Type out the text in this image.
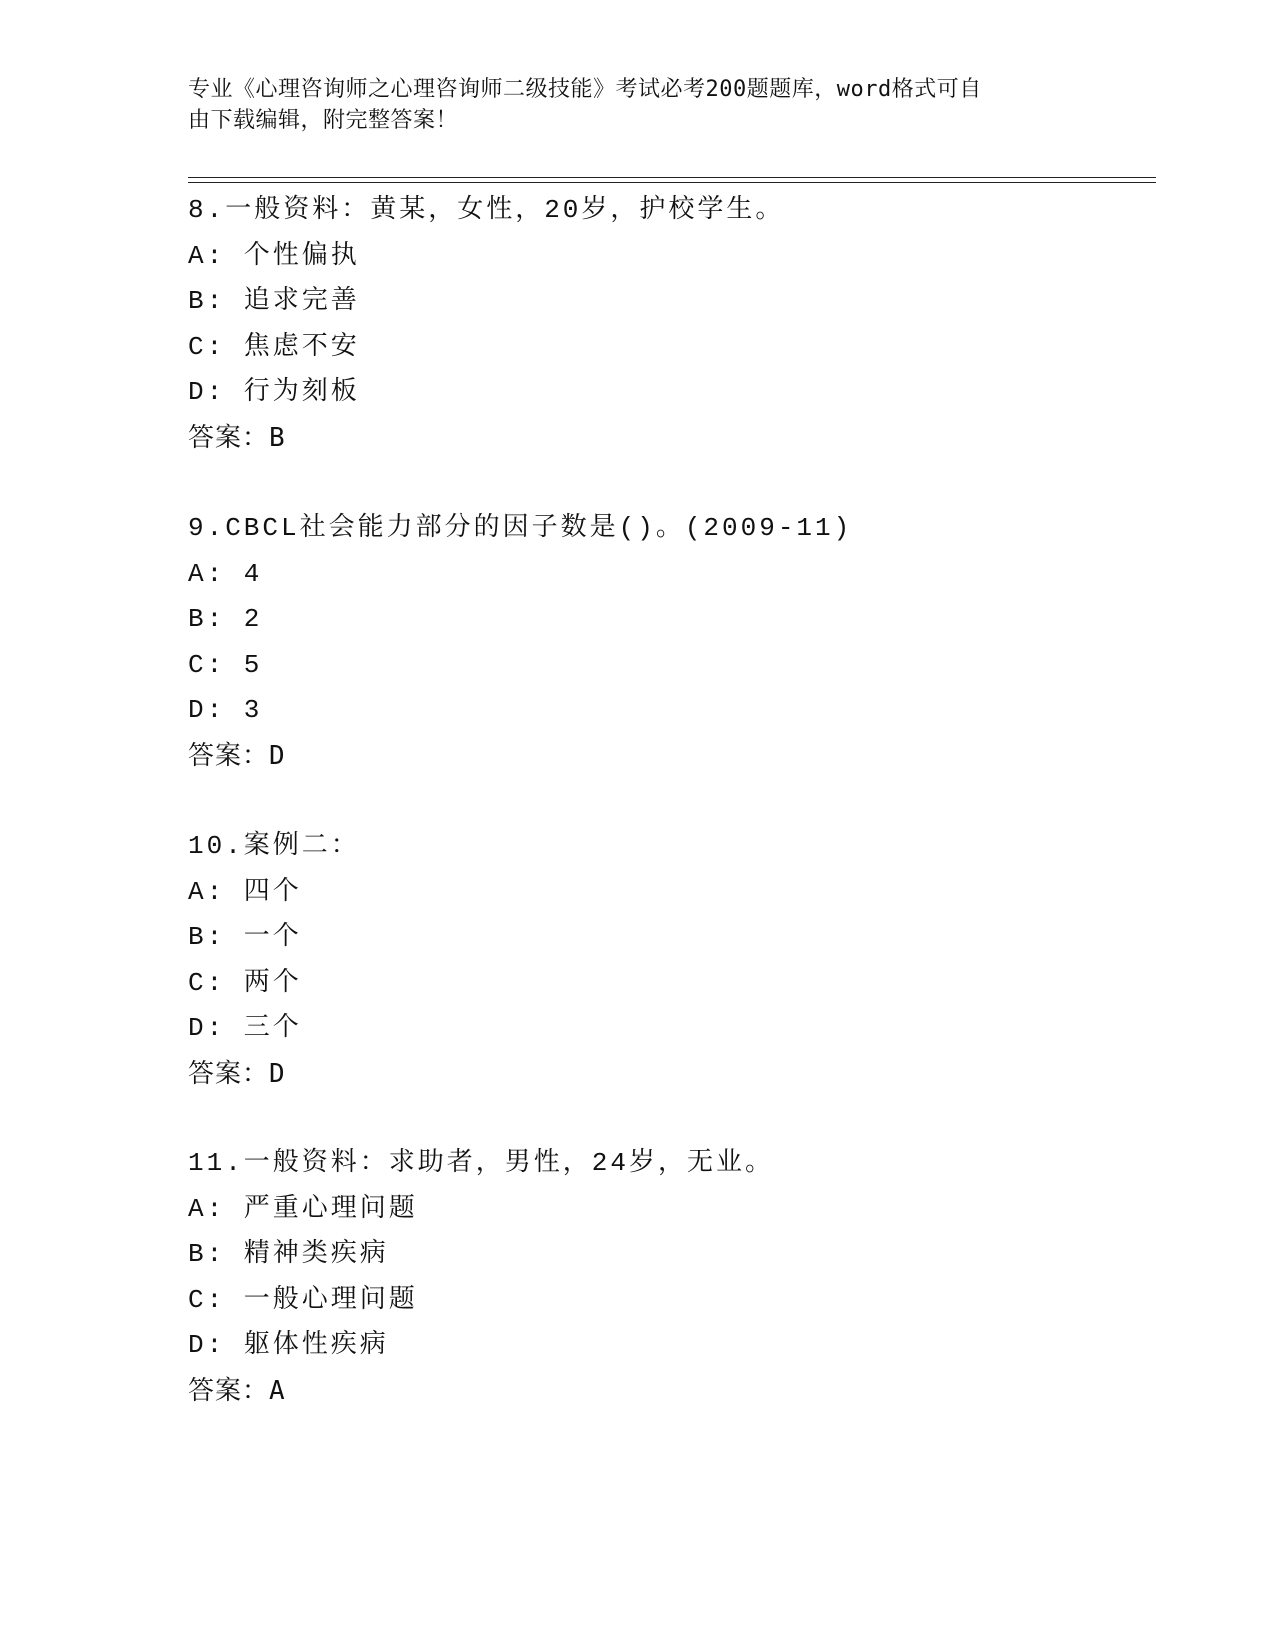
专业《心理咨询师之心理咨询师二级技能》考试必考200题题库，word格式可自
由下载编辑，附完整答案！
8.一般资料：黄某，女性，20岁，护校学生。
A: 个性偏执
B: 追求完善
C: 焦虑不安
D: 行为刻板
答案：B
9.CBCL社会能力部分的因子数是()。(2009-11)
A: 4
B: 2
C: 5
D: 3
答案：D
10.案例二：
A: 四个
B: 一个
C: 两个
D: 三个
答案：D
11.一般资料：求助者，男性，24岁，无业。
A: 严重心理问题
B: 精神类疾病
C: 一般心理问题
D: 躯体性疾病
答案：A
